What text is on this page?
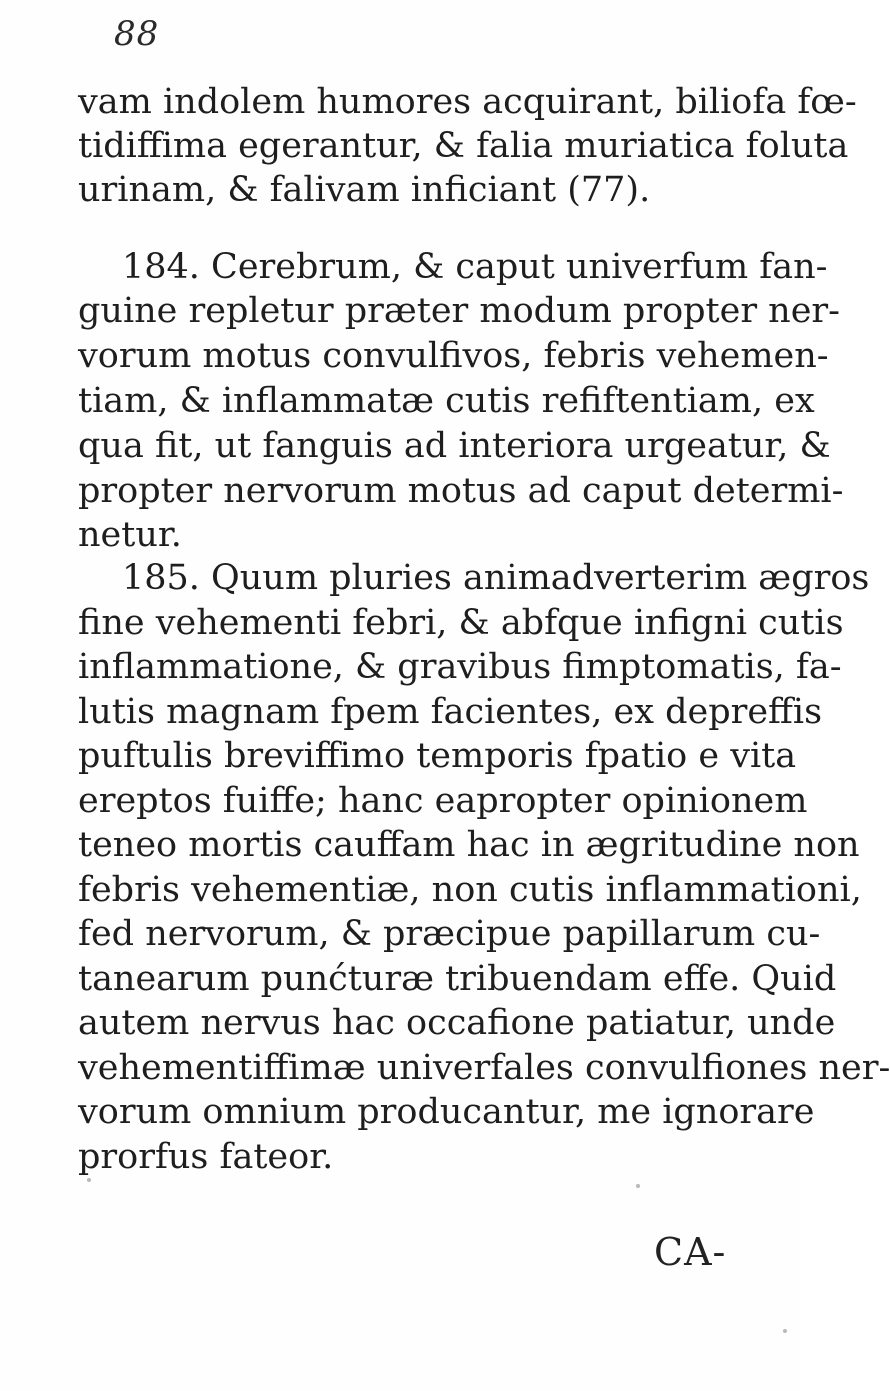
88
vam indolem humores acquirant, biliofa fœ-
tidiffima egerantur, & falia muriatica foluta
urinam, & falivam inficiant (77).
184. Cerebrum, & caput univerfum fan-
guine repletur præter modum propter ner-
vorum motus convulfivos, febris vehemen-
tiam, & inflammatæ cutis refiftentiam, ex
qua fit, ut fanguis ad interiora urgeatur, &
propter nervorum motus ad caput determi-
netur.
185. Quum pluries animadverterim ægros
fine vehementi febri, & abfque infigni cutis
inflammatione, & gravibus fimptomatis, fa-
lutis magnam fpem facientes, ex depreffis
puftulis breviffimo temporis fpatio e vita
ereptos fuiffe; hanc eapropter opinionem
teneo mortis cauffam hac in ægritudine non
febris vehementiæ, non cutis inflammationi,
fed nervorum, & præcipue papillarum cu-
tanearum punćturæ tribuendam effe. Quid
autem nervus hac occafione patiatur, unde
vehementiffimæ univerfales convulfiones ner-
vorum omnium producantur, me ignorare
prorfus fateor.
CA-
